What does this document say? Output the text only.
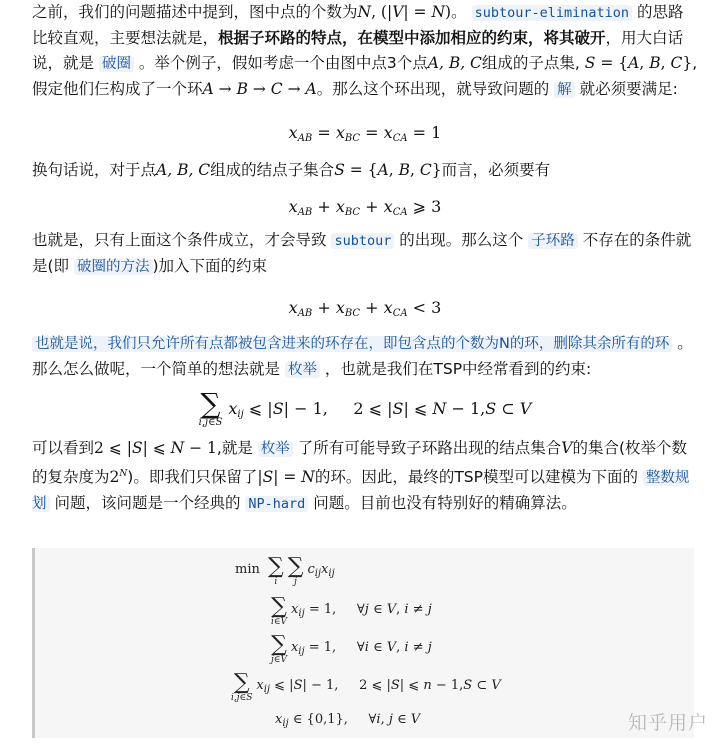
之前，我们的问题描述中提到，图中点的个数为N, (|V| = N)。 subtour-elimination 的思路比较直观，主要想法就是，根据子环路的特点，在模型中添加相应的约束，将其破开，用大白话说，就是 破圈 。举个例子，假如考虑一个由图中点3个点A, B, C组成的子点集, S = {A, B, C}, 假定他们仨构成了一个环A → B → C → A。那么这个环出现，就导致问题的 解 就必须要满足:

$x_{AB} = x_{BC} = x_{CA} = 1$

换句话说，对于点A, B, C组成的结点子集合S = {A, B, C}而言，必须要有

$x_{AB} + x_{BC} + x_{CA}$ ⩾ 3

也就是，只有上面这个条件成立，才会导致 subtour 的出现。那么这个 子环路 不存在的条件就是(即 破圈的方法 )加入下面的约束

$x_{AB} + x_{BC} + x_{CA} < 3$

也就是说，我们只允许所有点都被包含进来的环存在，即包含点的个数为N的环，删除其余所有的环 。那么怎么做呢，一个简单的想法就是 枚举 ，也就是我们在TSP中经常看到的约束:

∑
i,j∈S
$x_{ij}$ ⩽ |S| − 1,     2 ⩽ |S| ⩽ N − 1,S ⊂ V

可以看到2 ⩽ |S| ⩽ N − 1,就是 枚举 了所有可能导致子环路出现的结点集合V的集合(枚举个数的复杂度为$2^N$)。即我们只保留了|S| = N的环。因此，最终的TSP模型可以建模为下面的 整数规划 问题，该问题是一个经典的 NP-hard 问题。目前也没有特别好的精确算法。

min ∑
i
∑
j
$c_{ij}x_{ij}$
∑
i∈V
$x_{ij} = 1$,     ∀j ∈ V, i ≠ j
∑
j∈V
$x_{ij} = 1$,     ∀i ∈ V, i ≠ j
∑
i,j∈S
$x_{ij}$ ⩽ |S| − 1,     2 ⩽ |S| ⩽ n − 1,S ⊂ V
$x_{ij}$ ∈ {0,1},     ∀i, j ∈ V	知乎用户
